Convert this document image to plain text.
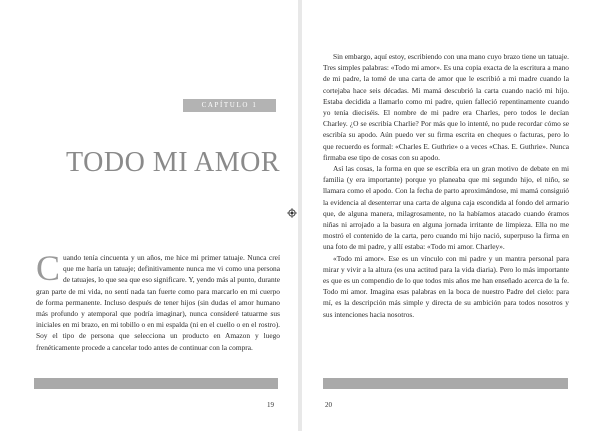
CAPÍTULO 1
TODO MI AMOR
C uando tenía cincuenta y un años, me hice mi primer tatuaje. Nunca creí que me haría un tatuaje; definitivamente nunca me vi como una persona de tatuajes, lo que sea que eso significare. Y, yendo más al punto, durante gran parte de mi vida, no sentí nada tan fuerte como para marcarlo en mi cuerpo de forma permanente. Incluso después de tener hijos (sin dudas el amor humano más profundo y atemporal que podría imaginar), nunca consideré tatuarme sus iniciales en mi brazo, en mi tobillo o en mi espalda (ni en el cuello o en el rostro). Soy el tipo de persona que selecciona un producto en Amazon y luego frenéticamente procede a cancelar todo antes de continuar con la compra.
19

Sin embargo, aquí estoy, escribiendo con una mano cuyo brazo tiene un tatuaje. Tres simples palabras: «Todo mi amor». Es una copia exacta de la escritura a mano de mi padre, la tomé de una carta de amor que le escribió a mi madre cuando la cortejaba hace seis décadas. Mi mamá descubrió la carta cuando nació mi hijo. Estaba decidida a llamarlo como mi padre, quien falleció repentinamente cuando yo tenía dieciséis. El nombre de mi padre era Charles, pero todos le decían Charley. ¿O se escribía Charlie? Por más que lo intenté, no pude recordar cómo se escribía su apodo. Aún puedo ver su firma escrita en cheques o facturas, pero lo que recuerdo es formal: «Charles E. Guthrie» o a veces «Chas. E. Guthrie». Nunca firmaba ese tipo de cosas con su apodo.

Así las cosas, la forma en que se escribía era un gran motivo de debate en mi familia (y era importante) porque yo planeaba que mi segundo hijo, el niño, se llamara como el apodo. Con la fecha de parto aproximándose, mi mamá consiguió la evidencia al desenterrar una carta de alguna caja escondida al fondo del armario que, de alguna manera, milagrosamente, no la habíamos atacado cuando éramos niñas ni arrojado a la basura en alguna jornada irritante de limpieza. Ella no me mostró el contenido de la carta, pero cuando mi hijo nació, superpuso la firma en una foto de mi padre, y allí estaba: «Todo mi amor. Charley».

«Todo mi amor». Ese es un vínculo con mi padre y un mantra personal para mirar y vivir a la altura (es una actitud para la vida diaria). Pero lo más importante es que es un compendio de lo que todos mis años me han enseñado acerca de la fe. Todo mi amor. Imagina esas palabras en la boca de nuestro Padre del cielo: para mí, es la descripción más simple y directa de su ambición para todos nosotros y sus intenciones hacia nosotros.

20
